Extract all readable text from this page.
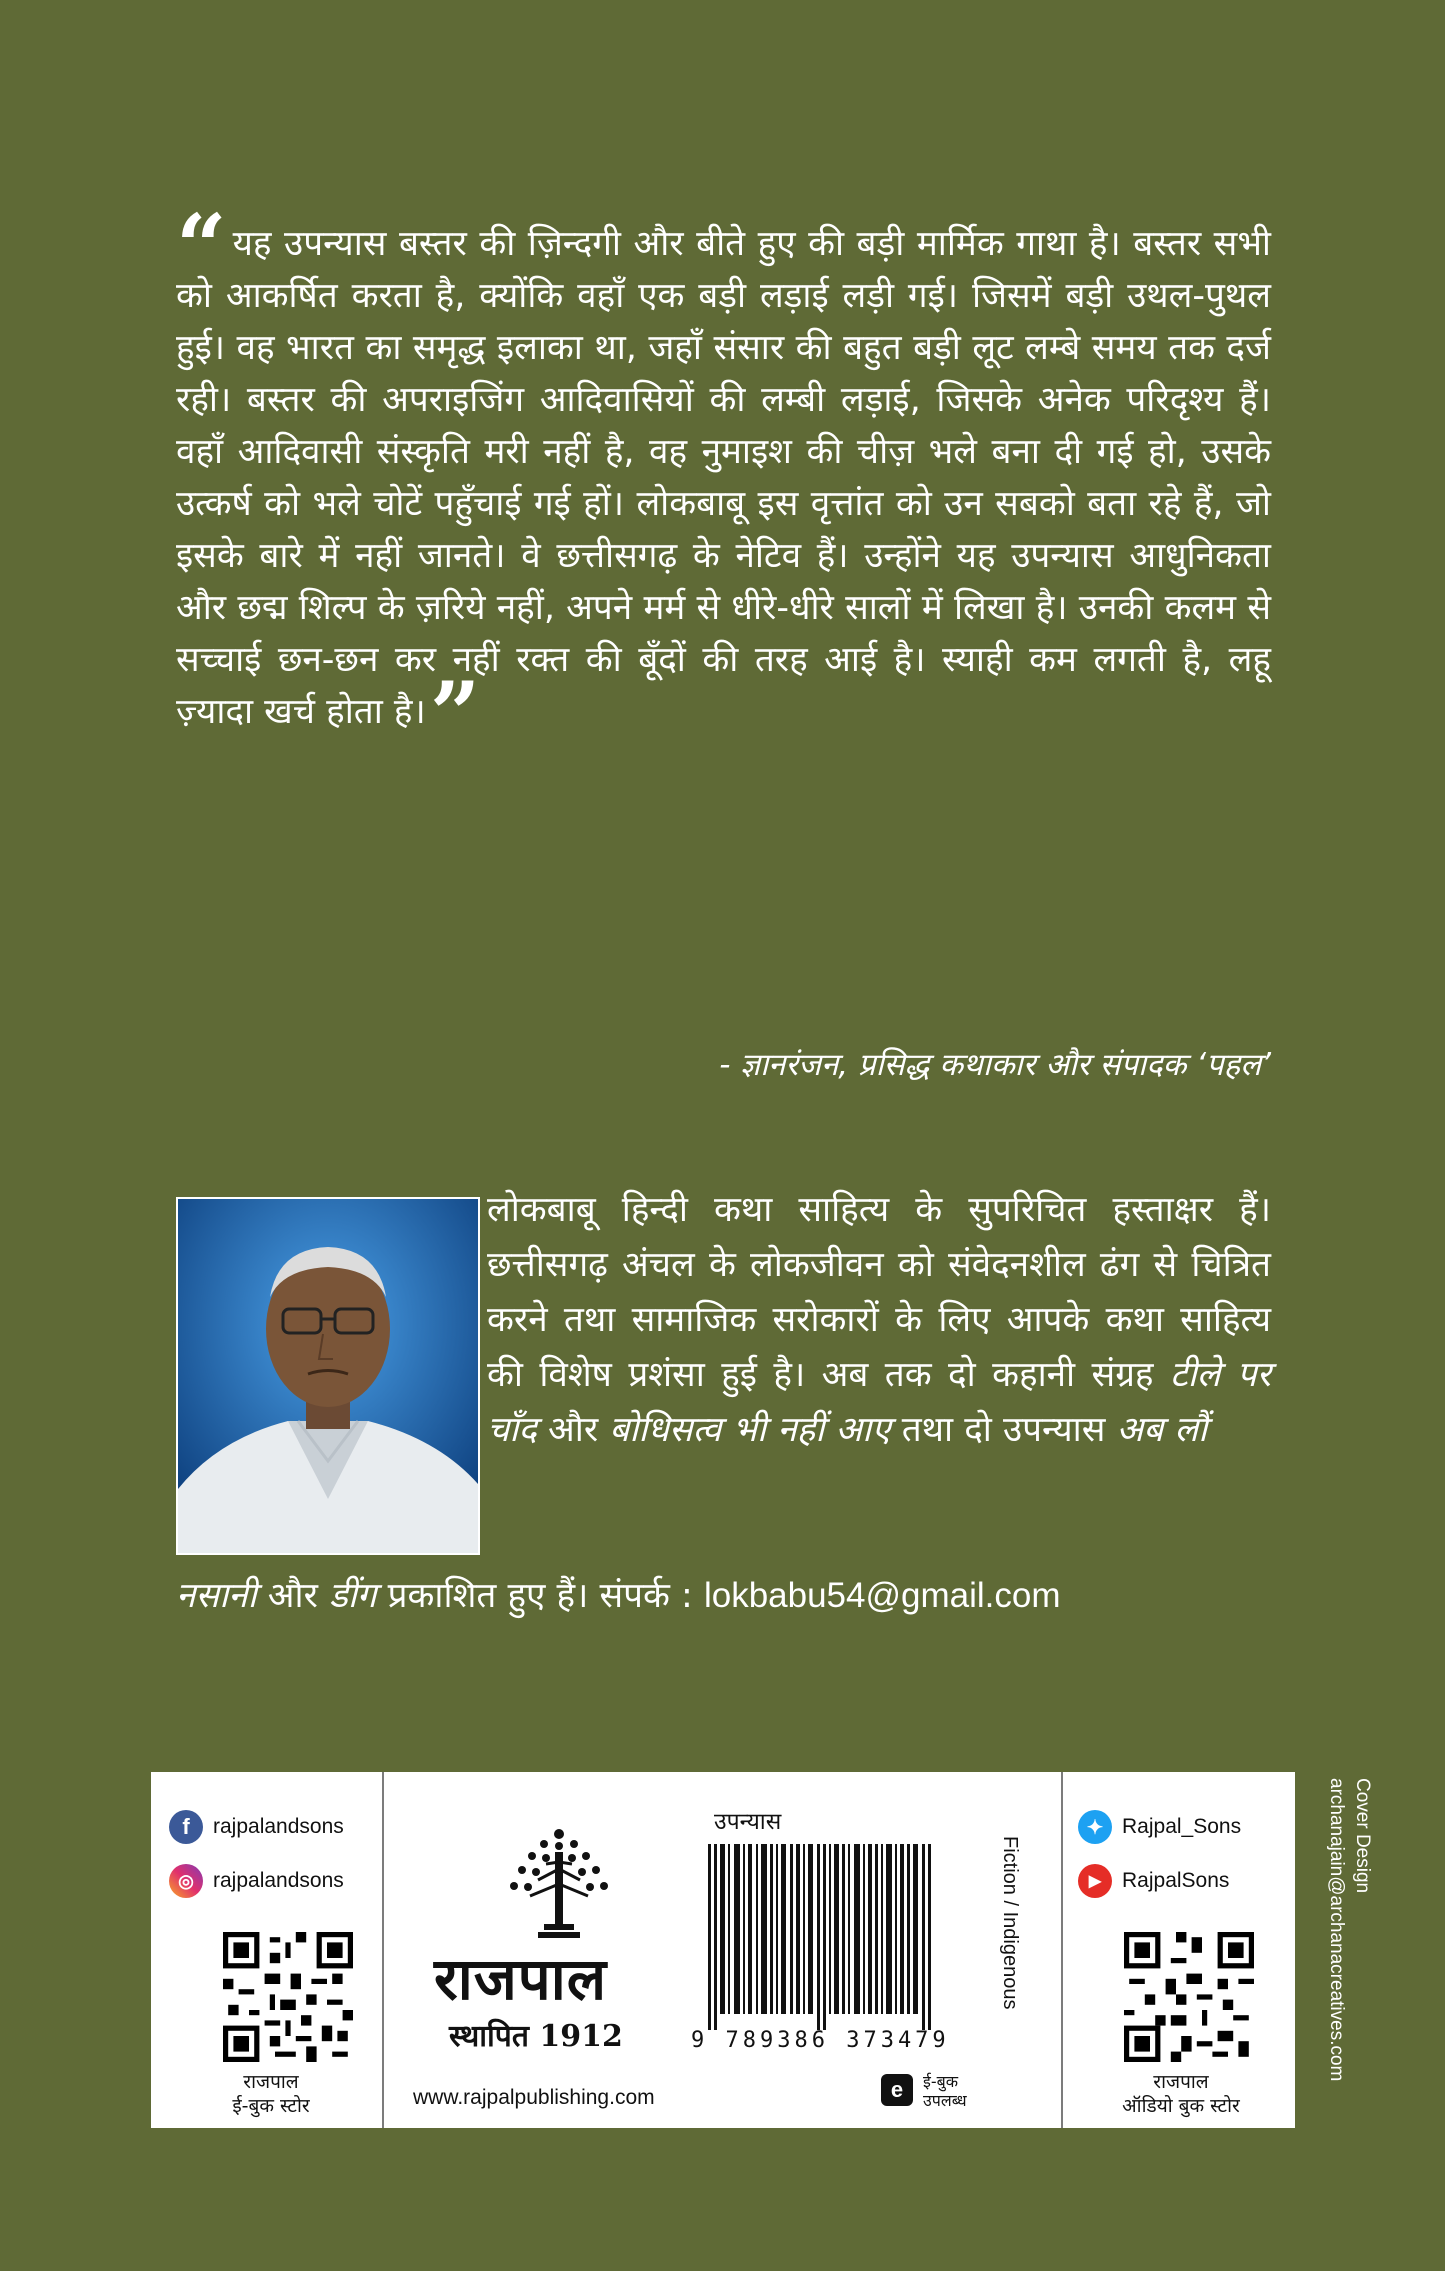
“ यह उपन्यास बस्तर की ज़िन्दगी और बीते हुए की बड़ी मार्मिक गाथा है। बस्तर सभी को आकर्षित करता है, क्योंकि वहाँ एक बड़ी लड़ाई लड़ी गई। जिसमें बड़ी उथल-पुथल हुई। वह भारत का समृद्ध इलाका था, जहाँ संसार की बहुत बड़ी लूट लम्बे समय तक दर्ज रही। बस्तर की अपराइजिंग आदिवासियों की लम्बी लड़ाई, जिसके अनेक परिदृश्य हैं। वहाँ आदिवासी संस्कृति मरी नहीं है, वह नुमाइश की चीज़ भले बना दी गई हो, उसके उत्कर्ष को भले चोटें पहुँचाई गई हों। लोकबाबू इस वृत्तांत को उन सबको बता रहे हैं, जो इसके बारे में नहीं जानते। वे छत्तीसगढ़ के नेटिव हैं। उन्होंने यह उपन्यास आधुनिकता और छद्म शिल्प के ज़रिये नहीं, अपने मर्म से धीरे-धीरे सालों में लिखा है। उनकी कलम से सच्चाई छन-छन कर नहीं रक्त की बूँदों की तरह आई है। स्याही कम लगती है, लहू ज़्यादा खर्च होता है।”
- ज्ञानरंजन, प्रसिद्ध कथाकार और संपादक ‘पहल’
लोकबाबू हिन्दी कथा साहित्य के सुपरिचित हस्ताक्षर हैं। छत्तीसगढ़ अंचल के लोकजीवन को संवेदनशील ढंग से चित्रित करने तथा सामाजिक सरोकारों के लिए आपके कथा साहित्य की विशेष प्रशंसा हुई है। अब तक दो कहानी संग्रह टीले पर चाँद और बोधिसत्व भी नहीं आए तथा दो उपन्यास अब लौं
नसानी और डींग प्रकाशित हुए हैं। संपर्क : lokbabu54@gmail.com
f	rajpalandsons
◎ rajpalandsons
राजपाल
ई-बुक स्टोर
राजपाल
स्थापित 1912
www.rajpalpublishing.com
उपन्यास
9 789386 373479
Fiction / Indigenous
e	ई-बुक
उपलब्ध
✦ Rajpal_Sons
▶ RajpalSons
राजपाल
ऑडियो बुक स्टोर
Cover Design
archanajain@archanacreatives.com
